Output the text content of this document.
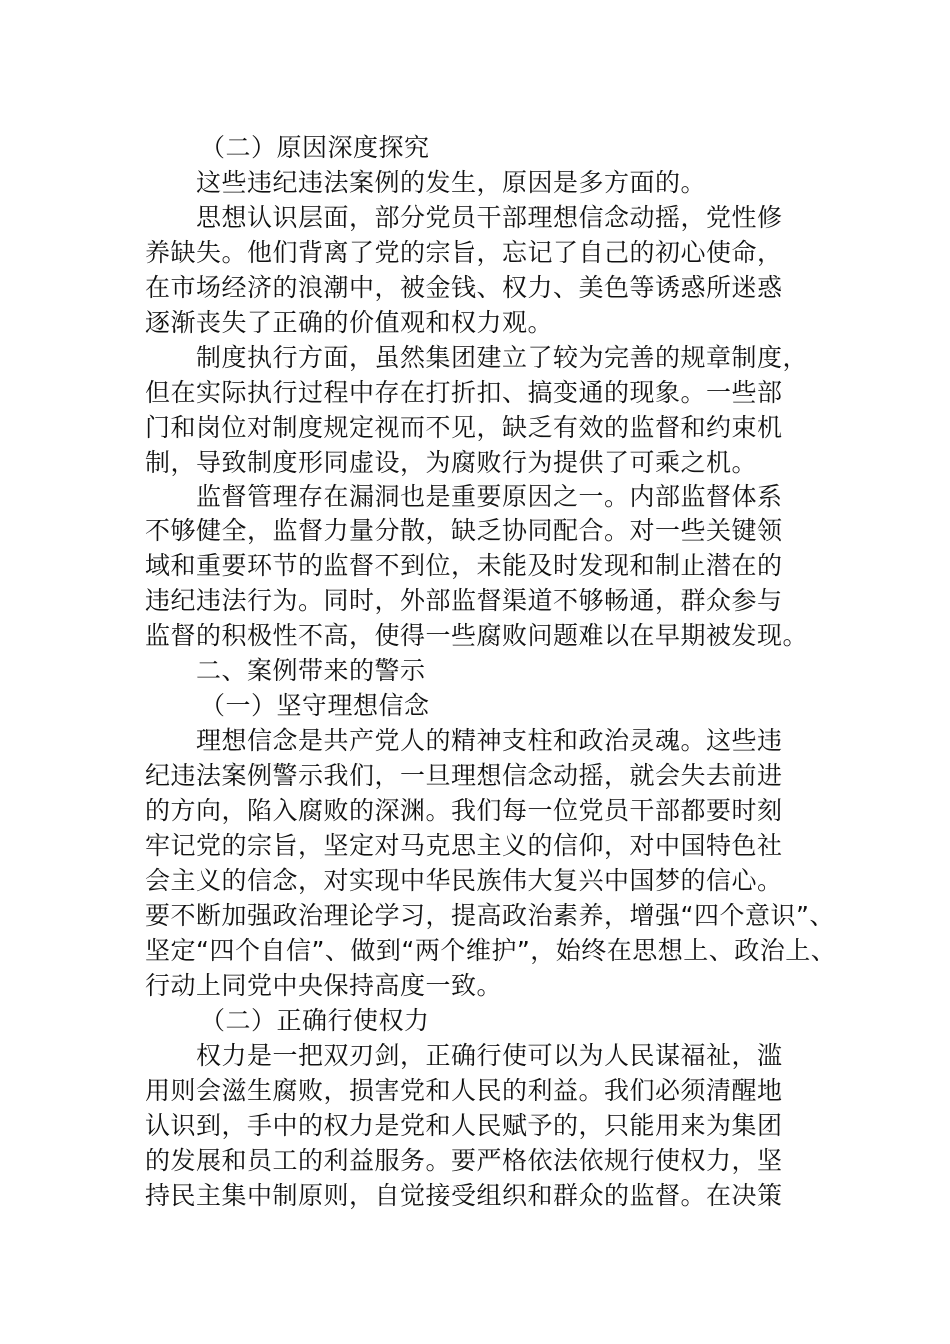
（二）原因深度探究
这些违纪违法案例的发生，原因是多方面的。
思想认识层面，部分党员干部理想信念动摇，党性修
养缺失。他们背离了党的宗旨，忘记了自己的初心使命，
在市场经济的浪潮中，被金钱、权力、美色等诱惑所迷惑
逐渐丧失了正确的价值观和权力观。
制度执行方面，虽然集团建立了较为完善的规章制度，
但在实际执行过程中存在打折扣、搞变通的现象。一些部
门和岗位对制度规定视而不见，缺乏有效的监督和约束机
制，导致制度形同虚设，为腐败行为提供了可乘之机。
监督管理存在漏洞也是重要原因之一。内部监督体系
不够健全，监督力量分散，缺乏协同配合。对一些关键领
域和重要环节的监督不到位，未能及时发现和制止潜在的
违纪违法行为。同时，外部监督渠道不够畅通，群众参与
监督的积极性不高，使得一些腐败问题难以在早期被发现。
二、案例带来的警示
（一）坚守理想信念
理想信念是共产党人的精神支柱和政治灵魂。这些违
纪违法案例警示我们，一旦理想信念动摇，就会失去前进
的方向，陷入腐败的深渊。我们每一位党员干部都要时刻
牢记党的宗旨，坚定对马克思主义的信仰，对中国特色社
会主义的信念，对实现中华民族伟大复兴中国梦的信心。
要不断加强政治理论学习，提高政治素养，增强“四个意识”、
坚定“四个自信”、做到“两个维护”，始终在思想上、政治上、
行动上同党中央保持高度一致。
（二）正确行使权力
权力是一把双刃剑，正确行使可以为人民谋福祉，滥
用则会滋生腐败，损害党和人民的利益。我们必须清醒地
认识到，手中的权力是党和人民赋予的，只能用来为集团
的发展和员工的利益服务。要严格依法依规行使权力，坚
持民主集中制原则，自觉接受组织和群众的监督。在决策
